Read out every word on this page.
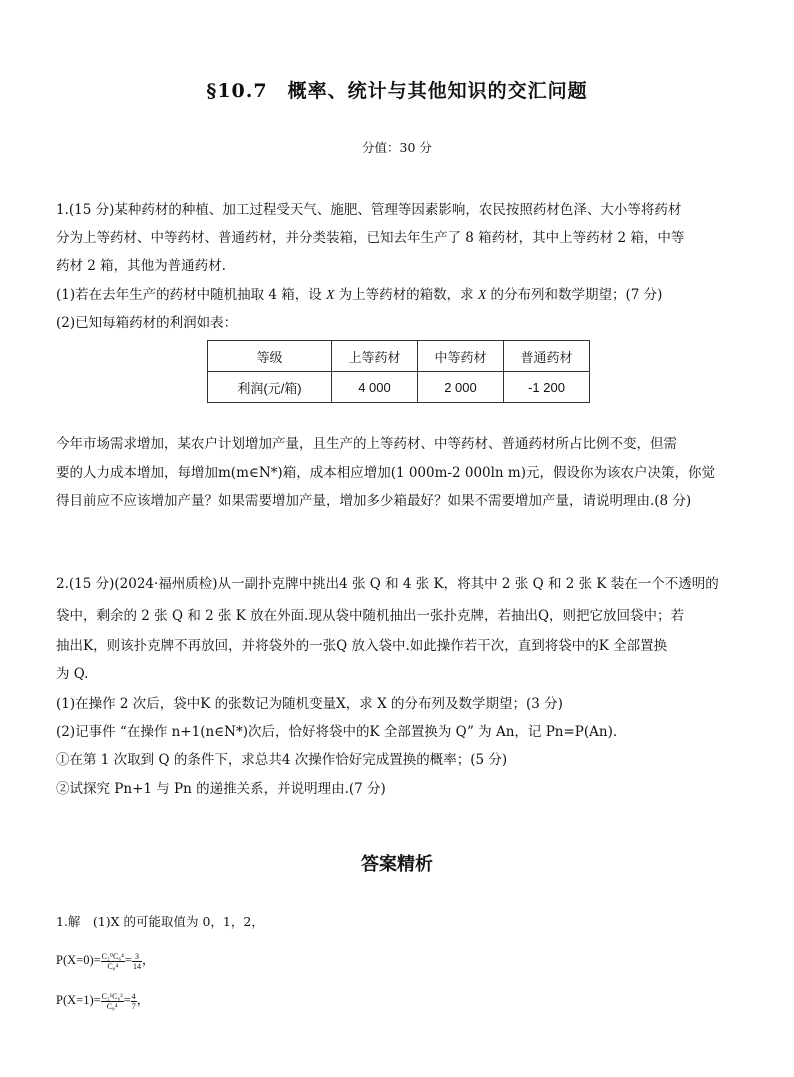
§10.7　概率、统计与其他知识的交汇问题
分值：30 分
1.(15 分)某种药材的种植、加工过程受天气、施肥、管理等因素影响，农民按照药材色泽、大小等将药材
分为上等药材、中等药材、普通药材，并分类装箱，已知去年生产了 8 箱药材，其中上等药材 2 箱，中等
药材 2 箱，其他为普通药材.
(1)若在去年生产的药材中随机抽取 4 箱，设 X 为上等药材的箱数，求 X 的分布列和数学期望；(7 分)
(2)已知每箱药材的利润如表：
等级	上等药材	中等药材	普通药材
利润(元/箱)	4 000	2 000	-1 200
今年市场需求增加，某农户计划增加产量，且生产的上等药材、中等药材、普通药材所占比例不变，但需
要的人力成本增加，每增加m(m∈N*)箱，成本相应增加(1 000m-2 000ln m)元，假设你为该农户决策，你觉
得目前应不应该增加产量？如果需要增加产量，增加多少箱最好？如果不需要增加产量，请说明理由.(8 分)
2.(15 分)(2024·福州质检)从一副扑克牌中挑出4 张 Q 和 4 张 K，将其中 2 张 Q 和 2 张 K 装在一个不透明的
袋中，剩余的 2 张 Q 和 2 张 K 放在外面.现从袋中随机抽出一张扑克牌，若抽出Q，则把它放回袋中；若
抽出K，则该扑克牌不再放回，并将袋外的一张Q 放入袋中.如此操作若干次，直到将袋中的K 全部置换
为 Q.
(1)在操作 2 次后，袋中K 的张数记为随机变量X，求 X 的分布列及数学期望；(3 分)
(2)记事件 “在操作 n+1(n∈N*)次后，恰好将袋中的K 全部置换为 Q” 为 An，记 Pn=P(An).
①在第 1 次取到 Q 的条件下，求总共4 次操作恰好完成置换的概率；(5 分)
②试探究 Pn+1 与 Pn 的递推关系，并说明理由.(7 分)
答案精析
1.解　(1)X 的可能取值为 0，1，2，
$P(X=0)= \frac{\text{C₂⁰C₆⁴}}{\text{C₈⁴}} = \frac{3}{14}$ ，
$P(X=1)= \frac{\text{C₂¹C₆³}}{\text{C₈⁴}} = \frac{4}{7}$ ，
